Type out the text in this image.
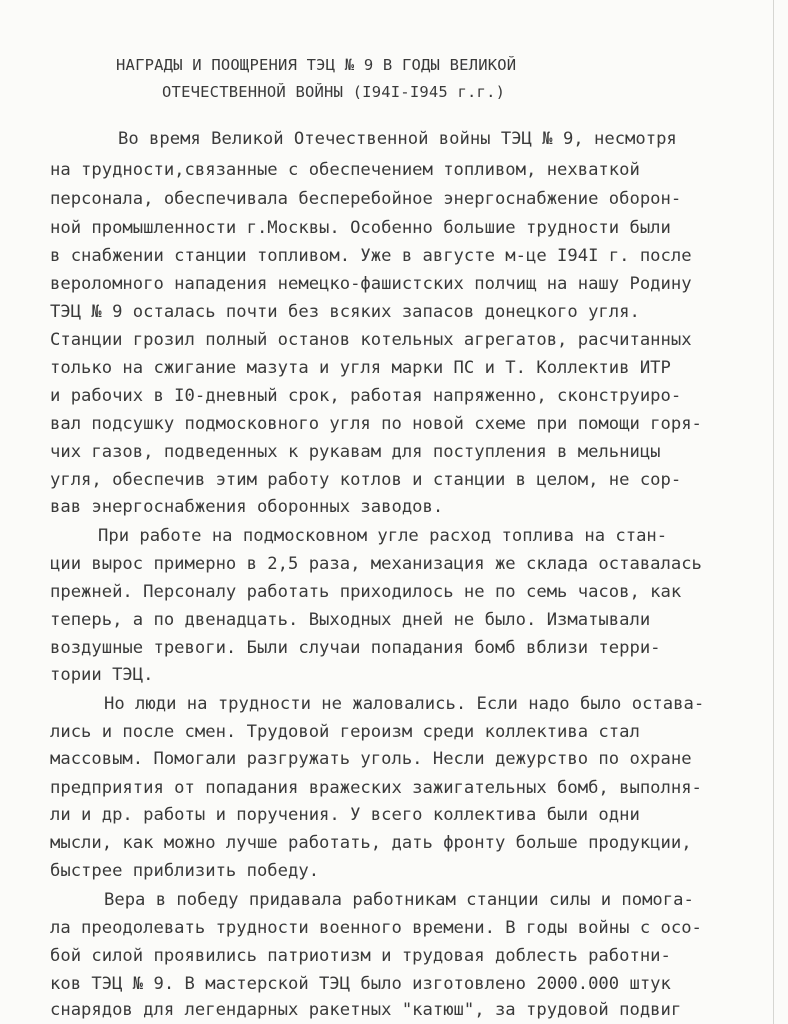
НАГРАДЫ И ПООЩРЕНИЯ ТЭЦ № 9 В ГОДЫ ВЕЛИКОЙ
ОТЕЧЕСТВЕННОЙ ВОЙНЫ (I94I-I945 г.г.)
Во время Великой Отечественной войны ТЭЦ № 9, несмотря
на трудности,связанные с обеспечением топливом, нехваткой
персонала, обеспечивала бесперебойное энергоснабжение оборон-
ной промышленности г.Москвы. Особенно большие трудности были
в снабжении станции топливом. Уже в августе м-це I94I г. после
вероломного нападения немецко-фашистских полчищ на нашу Родину
ТЭЦ № 9 осталась почти без всяких запасов донецкого угля.
Станции грозил полный останов котельных агрегатов, расчитанных
только на сжигание мазута и угля марки ПС и Т. Коллектив ИТР
и рабочих в I0-дневный срок, работая напряженно, сконструиро-
вал подсушку подмосковного угля по новой схеме при помощи горя-
чих газов, подведенных к рукавам для поступления в мельницы
угля, обеспечив этим работу котлов и станции в целом, не сор-
вав энергоснабжения оборонных заводов.
При работе на подмосковном угле расход топлива на стан-
ции вырос примерно в 2,5 раза, механизация же склада оставалась
прежней. Персоналу работать приходилось не по семь часов, как
теперь, а по двенадцать. Выходных дней не было. Изматывали
воздушные тревоги. Были случаи попадания бомб вблизи терри-
тории ТЭЦ.
Но люди на трудности не жаловались. Если надо было остава-
лись и после смен. Трудовой героизм среди коллектива стал
массовым. Помогали разгружать уголь. Несли дежурство по охране
предприятия от попадания вражеских зажигательных бомб, выполня-
ли и др. работы и поручения. У всего коллектива были одни
мысли, как можно лучше работать, дать фронту больше продукции,
быстрее приблизить победу.
Вера в победу придавала работникам станции силы и помога-
ла преодолевать трудности военного времени. В годы войны с осо-
бой силой проявились патриотизм и трудовая доблесть работни-
ков ТЭЦ № 9. В мастерской ТЭЦ было изготовлено 2000.000 штук
снарядов для легендарных ракетных "катюш", за трудовой подвиг
